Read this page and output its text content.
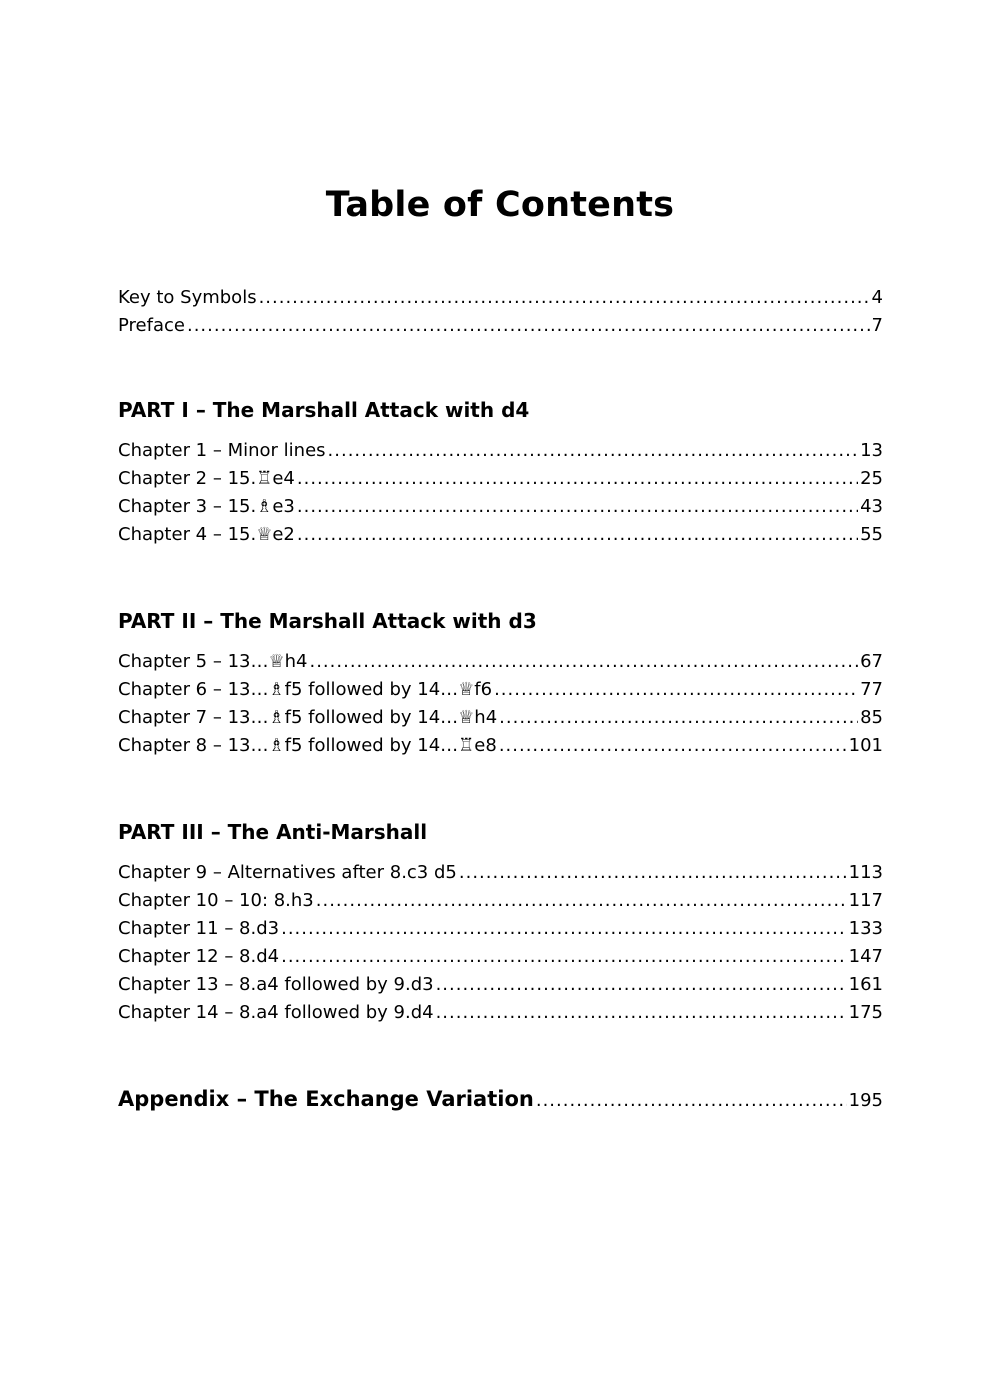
Table of Contents
Key to Symbols .....	4
Preface .....	7
PART I – The Marshall Attack with d4
Chapter 1 – Minor lines .....	13
Chapter 2 – 15.♖e4 .....	25
Chapter 3 – 15.♗e3 .....	43
Chapter 4 – 15.♕e2 .....	55
PART II – The Marshall Attack with d3
Chapter 5 – 13…♕h4 .....	67
Chapter 6 – 13…♗f5 followed by 14…♕f6 .....	77
Chapter 7 – 13…♗f5 followed by 14…♕h4 .....	85
Chapter 8 – 13…♗f5 followed by 14…♖e8 .....	101
PART III – The Anti-Marshall
Chapter 9 – Alternatives after 8.c3 d5 .....	113
Chapter 10 – 10: 8.h3 .....	117
Chapter 11 – 8.d3 .....	133
Chapter 12 – 8.d4 .....	147
Chapter 13 – 8.a4 followed by 9.d3 .....	161
Chapter 14 – 8.a4 followed by 9.d4 .....	175
Appendix – The Exchange Variation .....	195
